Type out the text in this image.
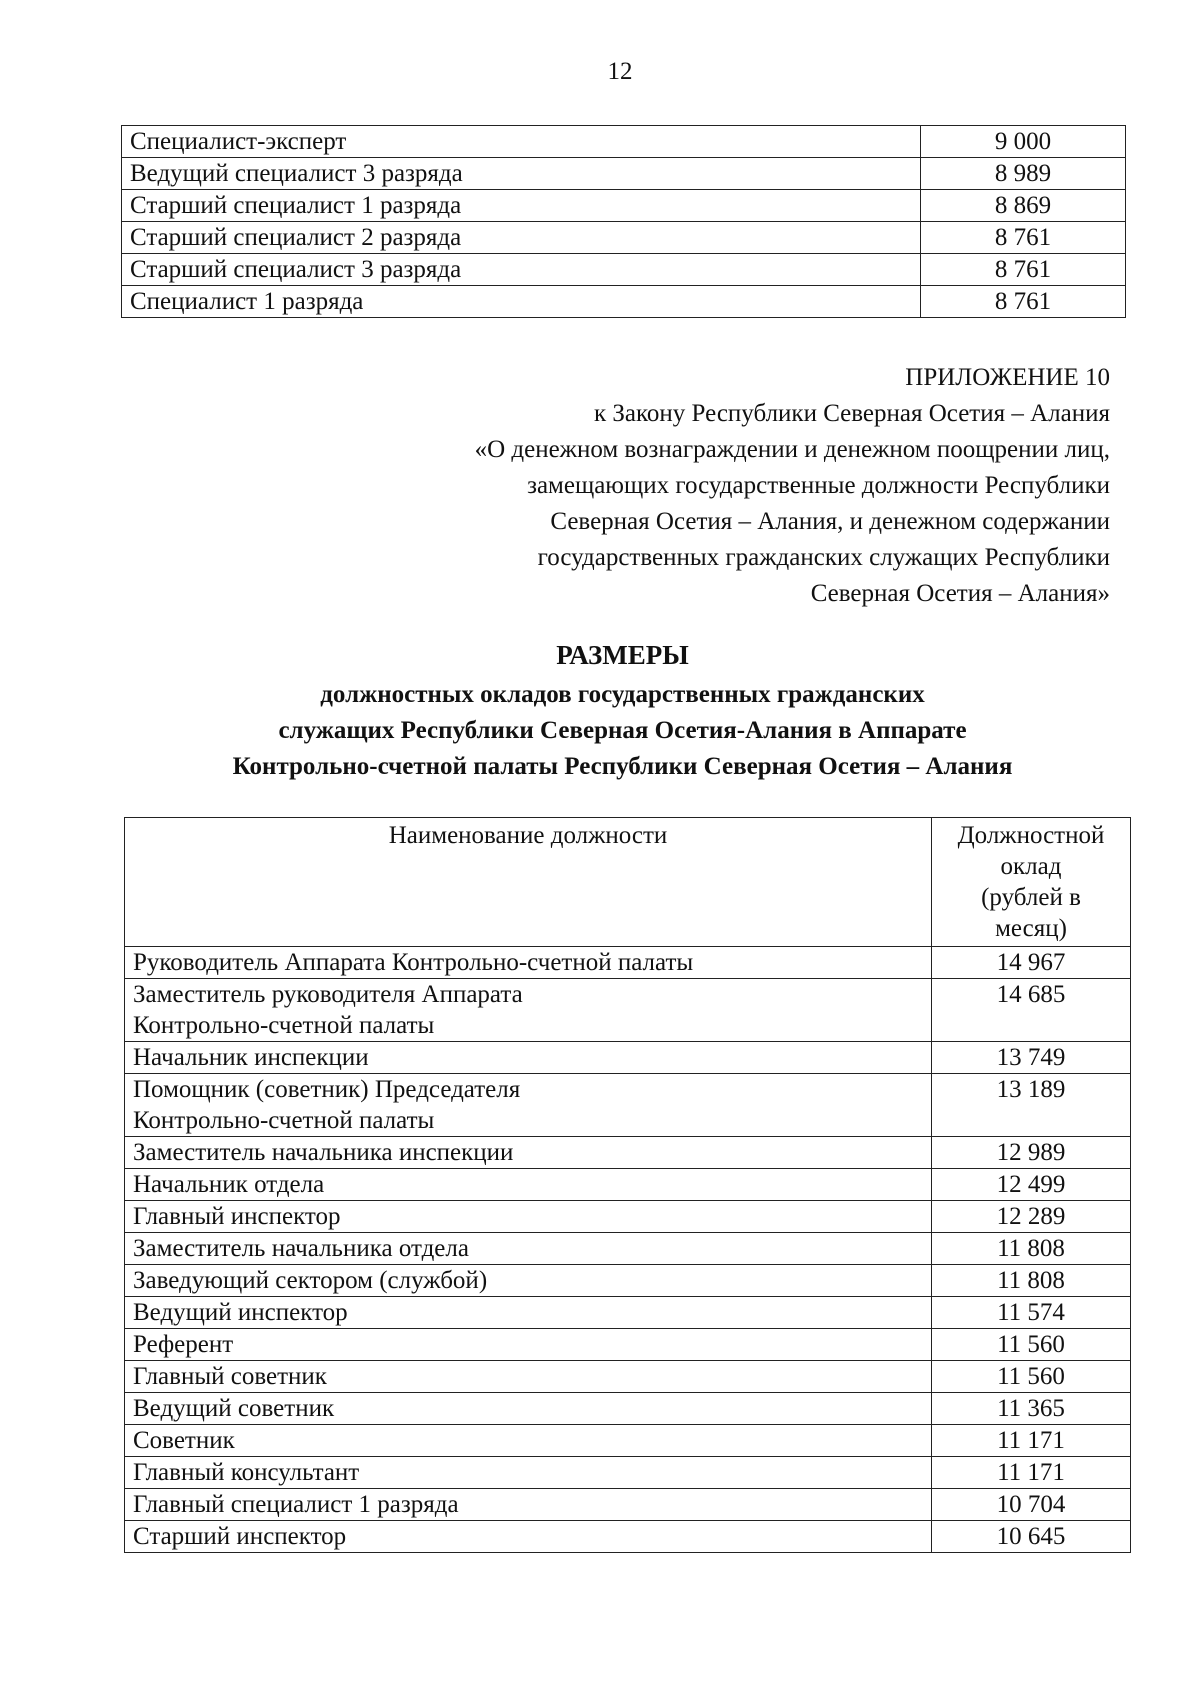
12
Специалист-эксперт	9 000
Ведущий специалист 3 разряда	8 989
Старший специалист 1 разряда	8 869
Старший специалист 2 разряда	8 761
Старший специалист 3 разряда	8 761
Специалист 1 разряда	8 761
ПРИЛОЖЕНИЕ 10
к Закону Республики Северная Осетия – Алания
«О денежном вознаграждении и денежном поощрении лиц,
замещающих государственные должности Республики
Северная Осетия – Алания, и денежном содержании
государственных гражданских служащих Республики
Северная Осетия – Алания»
РАЗМЕРЫ
должностных окладов государственных гражданских
служащих Республики Северная Осетия-Алания в Аппарате
Контрольно-счетной палаты Республики Северная Осетия – Алания
Наименование должности	Должностной
оклад
(рублей в
месяц)

Руководитель Аппарата Контрольно-счетной палаты	14 967

Заместитель руководителя Аппарата
Контрольно-счетной палаты	14 685

Начальник инспекции	13 749

Помощник (советник) Председателя
Контрольно-счетной палаты	13 189

Заместитель начальника инспекции	12 989

Начальник отдела	12 499

Главный инспектор	12 289

Заместитель начальника отдела	11 808

Заведующий сектором (службой)	11 808

Ведущий инспектор	11 574

Референт	11 560

Главный советник	11 560

Ведущий советник	11 365

Советник	11 171

Главный консультант	11 171

Главный специалист 1 разряда	10 704

Старший инспектор	10 645
